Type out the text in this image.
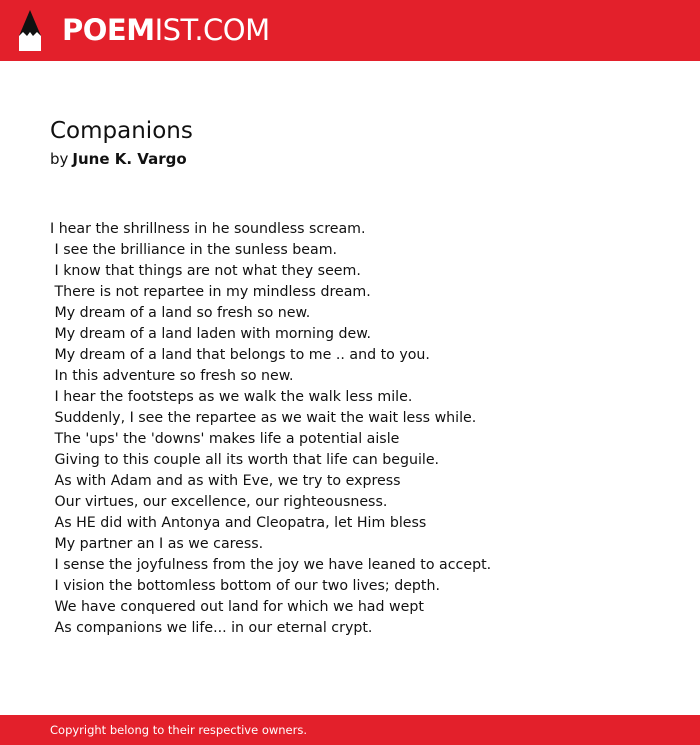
POEMIST.COM
Companions
by June K. Vargo
I hear the shrillness in he soundless scream.
I see the brilliance in the sunless beam.
I know that things are not what they seem.
There is not repartee in my mindless dream.
My dream of a land so fresh so new.
My dream of a land laden with morning dew.
My dream of a land that belongs to me .. and to you.
In this adventure so fresh so new.
I hear the footsteps as we walk the walk less mile.
Suddenly, I see the repartee as we wait the wait less while.
The 'ups' the 'downs' makes life a potential aisle
Giving to this couple all its worth that life can beguile.
As with Adam and as with Eve, we try to express
Our virtues, our excellence, our righteousness.
As HE did with Antonya and Cleopatra, let Him bless
My partner an I as we caress.
I sense the joyfulness from the joy we have leaned to accept.
I vision the bottomless bottom of our two lives; depth.
We have conquered out land for which we had wept
As companions we life... in our eternal crypt.
Copyright belong to their respective owners.
